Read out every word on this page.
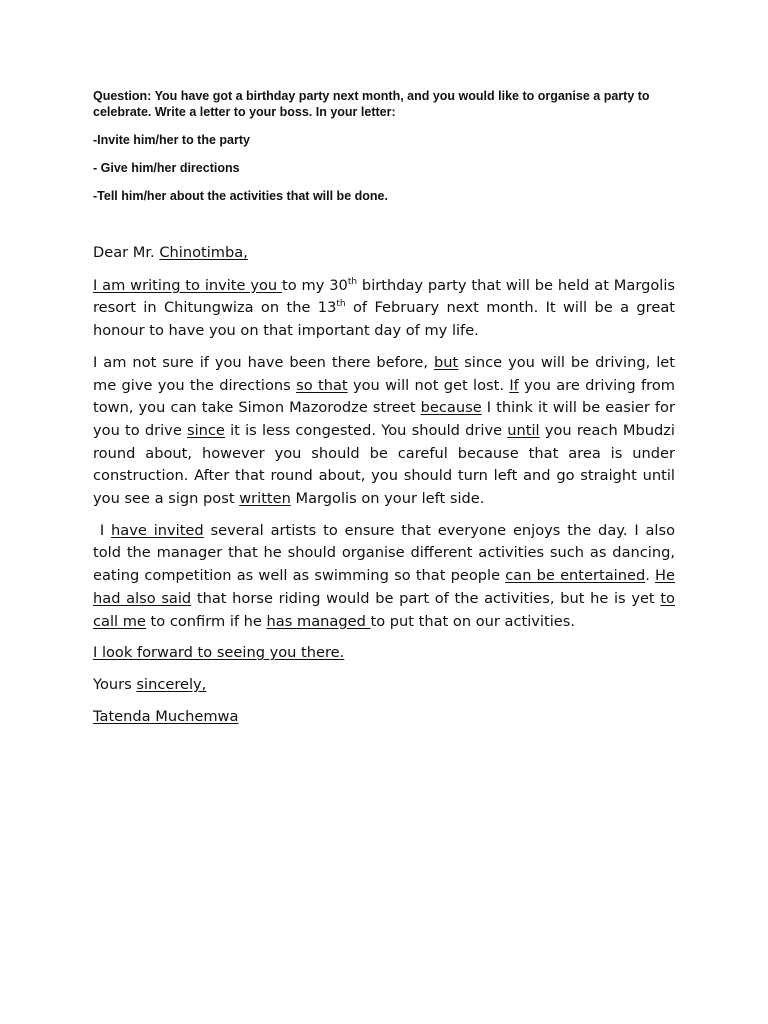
Question: You have got a birthday party next month, and you would like to organise a party to celebrate. Write a letter to your boss. In your letter:

-Invite him/her to the party

- Give him/her directions

-Tell him/her about the activities that will be done.

Dear Mr. Chinotimba,

I am writing to invite you to my 30th birthday party that will be held at Margolis resort in Chitungwiza on the 13th of February next month. It will be a great honour to have you on that important day of my life.

I am not sure if you have been there before, but since you will be driving, let me give you the directions so that you will not get lost. If you are driving from town, you can take Simon Mazorodze street because I think it will be easier for you to drive since it is less congested. You should drive until you reach Mbudzi round about, however you should be careful because that area is under construction. After that round about, you should turn left and go straight until you see a sign post written Margolis on your left side.

I have invited several artists to ensure that everyone enjoys the day. I also told the manager that he should organise different activities such as dancing, eating competition as well as swimming so that people can be entertained. He had also said that horse riding would be part of the activities, but he is yet to call me to confirm if he has managed to put that on our activities.

I look forward to seeing you there.

Yours sincerely,

Tatenda Muchemwa
